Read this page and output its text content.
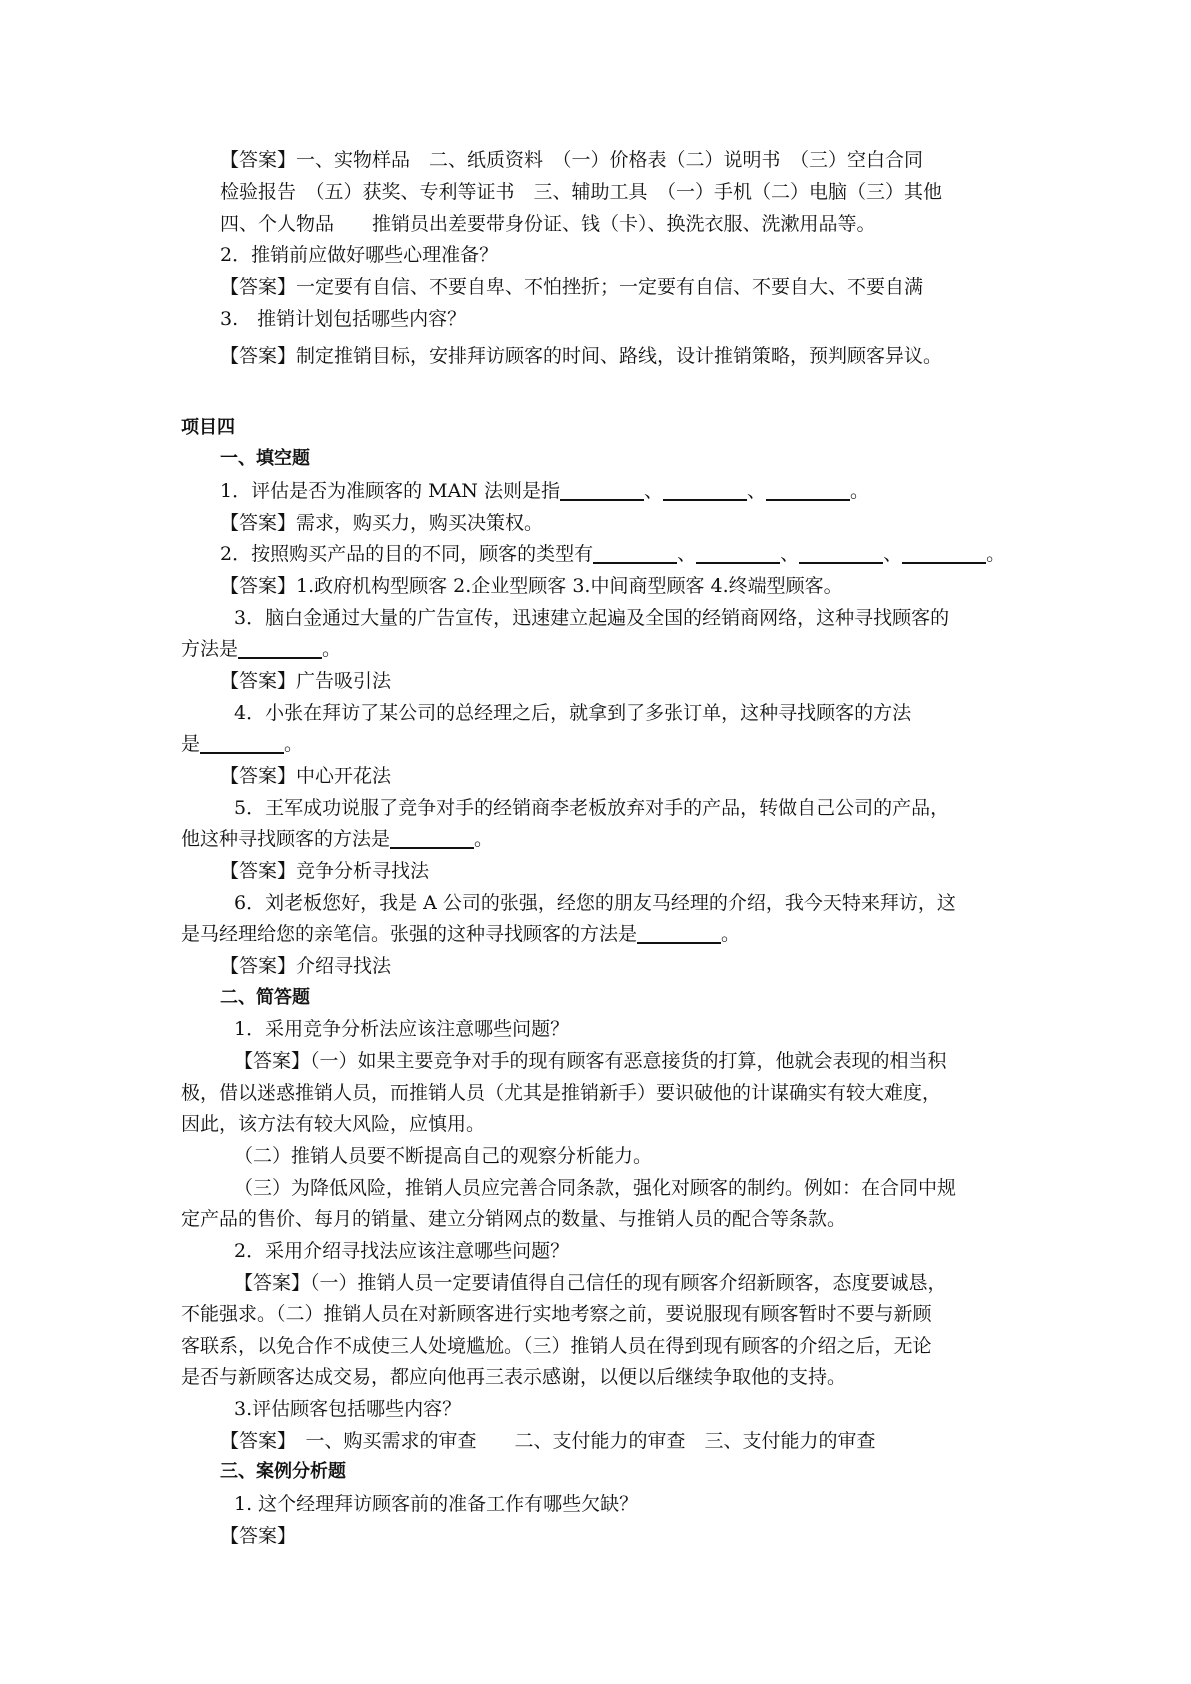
【答案】一、实物样品　二、纸质资料　（一）价格表（二）说明书　（三）空白合同
检验报告　（五）获奖、专利等证书　三、辅助工具　（一）手机（二）电脑（三）其他
四、个人物品　　推销员出差要带身份证、钱（卡）、换洗衣服、洗漱用品等。
2．推销前应做好哪些心理准备？
【答案】一定要有自信、不要自卑、不怕挫折；一定要有自信、不要自大、不要自满
3.　推销计划包括哪些内容？
【答案】制定推销目标，安排拜访顾客的时间、路线，设计推销策略，预判顾客异议。
项目四
一、填空题
1．评估是否为准顾客的 MAN 法则是指	、	、	。
【答案】需求，购买力，购买决策权。
2．按照购买产品的目的不同，顾客的类型有	、	、	、	。
【答案】1.政府机构型顾客 2.企业型顾客 3.中间商型顾客 4.终端型顾客。
3．脑白金通过大量的广告宣传，迅速建立起遍及全国的经销商网络，这种寻找顾客的
方法是	。
【答案】广告吸引法
4．小张在拜访了某公司的总经理之后，就拿到了多张订单，这种寻找顾客的方法
是	。
【答案】中心开花法
5．王军成功说服了竞争对手的经销商李老板放弃对手的产品，转做自己公司的产品，
他这种寻找顾客的方法是	。
【答案】竞争分析寻找法
6．刘老板您好，我是 A 公司的张强，经您的朋友马经理的介绍，我今天特来拜访，这
是马经理给您的亲笔信。张强的这种寻找顾客的方法是	。
【答案】介绍寻找法
二、简答题
1．采用竞争分析法应该注意哪些问题？
【答案】（一）如果主要竞争对手的现有顾客有恶意接货的打算，他就会表现的相当积
极，借以迷惑推销人员，而推销人员（尤其是推销新手）要识破他的计谋确实有较大难度，
因此，该方法有较大风险，应慎用。
（二）推销人员要不断提高自己的观察分析能力。
（三）为降低风险，推销人员应完善合同条款，强化对顾客的制约。例如：在合同中规
定产品的售价、每月的销量、建立分销网点的数量、与推销人员的配合等条款。
2．采用介绍寻找法应该注意哪些问题？
【答案】（一）推销人员一定要请值得自己信任的现有顾客介绍新顾客，态度要诚恳，
不能强求。（二）推销人员在对新顾客进行实地考察之前，要说服现有顾客暂时不要与新顾
客联系，以免合作不成使三人处境尴尬。（三）推销人员在得到现有顾客的介绍之后，无论
是否与新顾客达成交易，都应向他再三表示感谢，以便以后继续争取他的支持。
3.评估顾客包括哪些内容？
【答案】　一、购买需求的审查　　二、支付能力的审查　三、支付能力的审查
三、案例分析题
1. 这个经理拜访顾客前的准备工作有哪些欠缺？
【答案】
